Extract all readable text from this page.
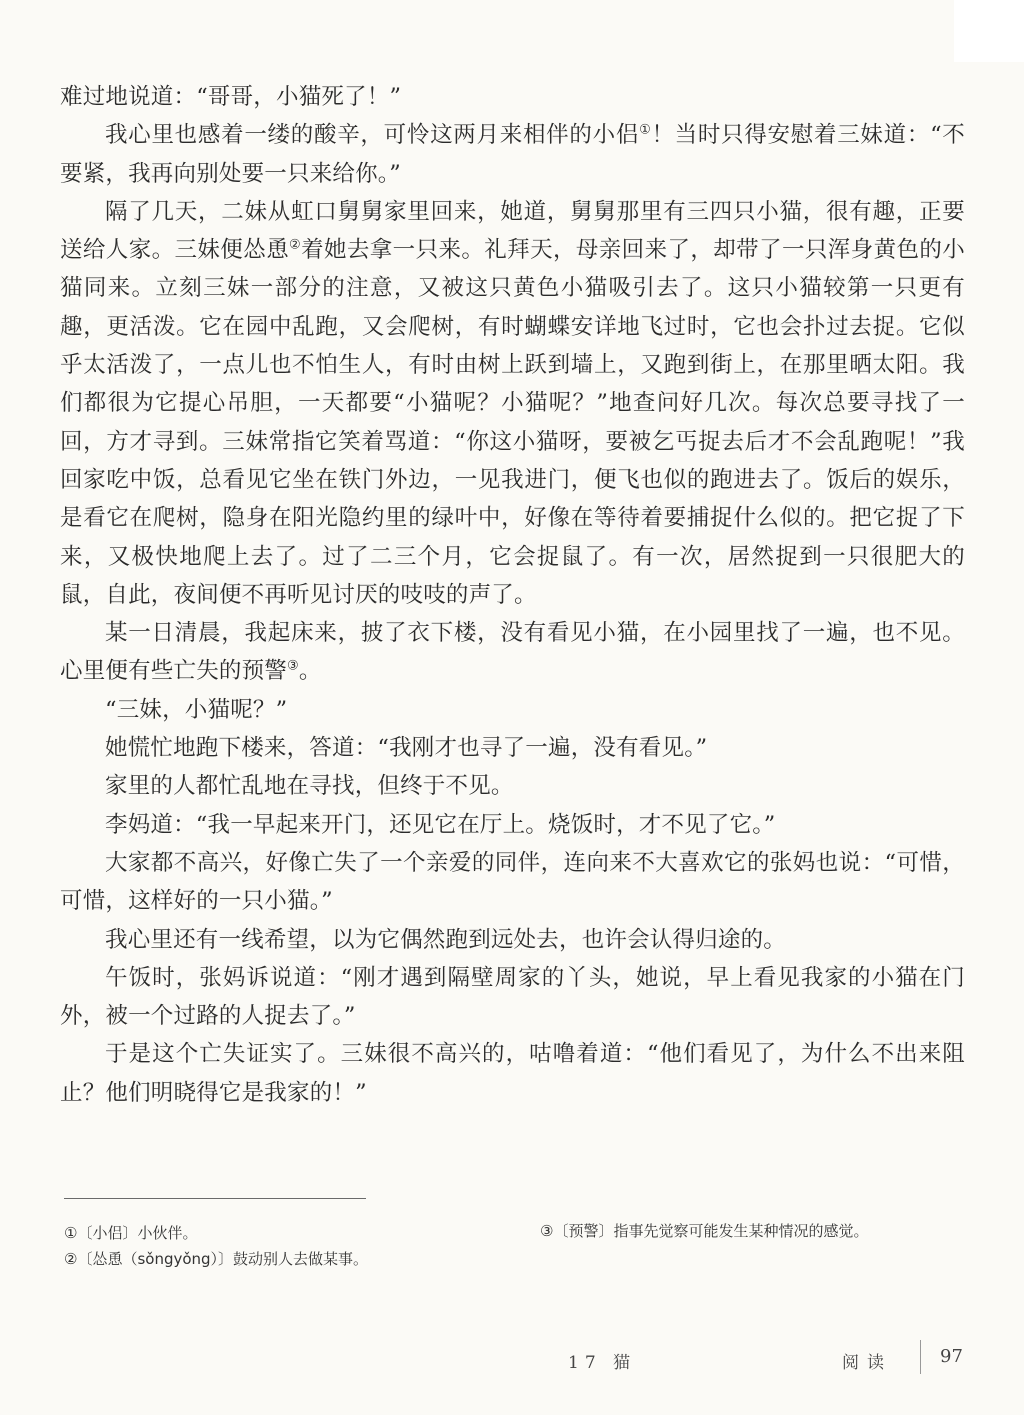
难过地说道：“哥哥，小猫死了！”

我心里也感着一缕的酸辛，可怜这两月来相伴的小侣①！当时只得安慰着三妹道：“不要紧，我再向别处要一只来给你。”

隔了几天，二妹从虹口舅舅家里回来，她道，舅舅那里有三四只小猫，很有趣，正要送给人家。三妹便怂恿②着她去拿一只来。礼拜天，母亲回来了，却带了一只浑身黄色的小猫同来。立刻三妹一部分的注意，又被这只黄色小猫吸引去了。这只小猫较第一只更有趣，更活泼。它在园中乱跑，又会爬树，有时蝴蝶安详地飞过时，它也会扑过去捉。它似乎太活泼了，一点儿也不怕生人，有时由树上跃到墙上，又跑到街上，在那里晒太阳。我们都很为它提心吊胆，一天都要“小猫呢？小猫呢？”地查问好几次。每次总要寻找了一回，方才寻到。三妹常指它笑着骂道：“你这小猫呀，要被乞丐捉去后才不会乱跑呢！”我回家吃中饭，总看见它坐在铁门外边，一见我进门，便飞也似的跑进去了。饭后的娱乐，是看它在爬树，隐身在阳光隐约里的绿叶中，好像在等待着要捕捉什么似的。把它捉了下来，又极快地爬上去了。过了二三个月，它会捉鼠了。有一次，居然捉到一只很肥大的鼠，自此，夜间便不再听见讨厌的吱吱的声了。

某一日清晨，我起床来，披了衣下楼，没有看见小猫，在小园里找了一遍，也不见。心里便有些亡失的预警③。

“三妹，小猫呢？”

她慌忙地跑下楼来，答道：“我刚才也寻了一遍，没有看见。”

家里的人都忙乱地在寻找，但终于不见。

李妈道：“我一早起来开门，还见它在厅上。烧饭时，才不见了它。”

大家都不高兴，好像亡失了一个亲爱的同伴，连向来不大喜欢它的张妈也说：“可惜，可惜，这样好的一只小猫。”

我心里还有一线希望，以为它偶然跑到远处去，也许会认得归途的。

午饭时，张妈诉说道：“刚才遇到隔壁周家的丫头，她说，早上看见我家的小猫在门外，被一个过路的人捉去了。”

于是这个亡失证实了。三妹很不高兴的，咕噜着道：“他们看见了，为什么不出来阻止？他们明晓得它是我家的！”

①〔小侣〕小伙伴。
②〔怂恿（sǒngyǒng）〕鼓动别人去做某事。
③〔预警〕指事先觉察可能发生某种情况的感觉。
17 猫	阅读	97
